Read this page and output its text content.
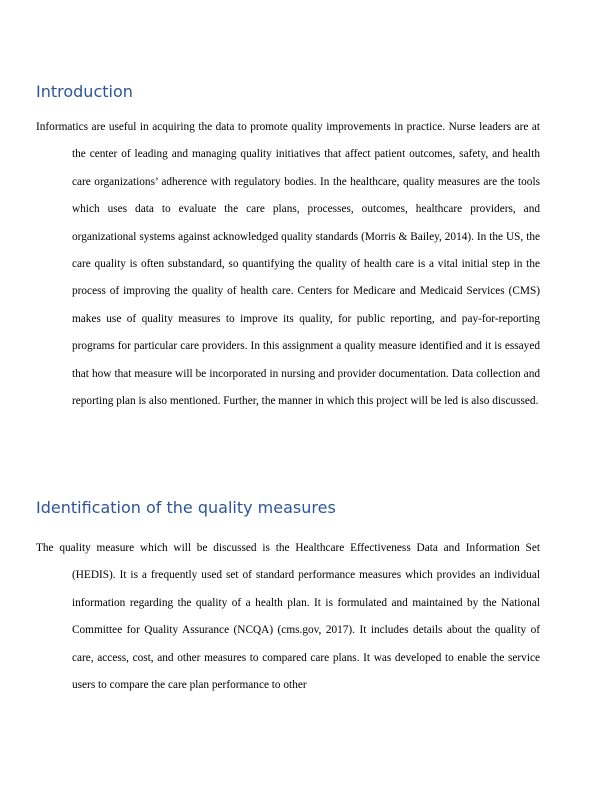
Introduction

Informatics are useful in acquiring the data to promote quality improvements in practice. Nurse leaders are at the center of leading and managing quality initiatives that affect patient outcomes, safety, and health care organizations’ adherence with regulatory bodies. In the healthcare, quality measures are the tools which uses data to evaluate the care plans, processes, outcomes, healthcare providers, and organizational systems against acknowledged quality standards (Morris & Bailey, 2014). In the US, the care quality is often substandard, so quantifying the quality of health care is a vital initial step in the process of improving the quality of health care. Centers for Medicare and Medicaid Services (CMS) makes use of quality measures to improve its quality, for public reporting, and pay-for-reporting programs for particular care providers. In this assignment a quality measure identified and it is essayed that how that measure will be incorporated in nursing and provider documentation. Data collection and reporting plan is also mentioned. Further, the manner in which this project will be led is also discussed.

Identification of the quality measures

The quality measure which will be discussed is the Healthcare Effectiveness Data and Information Set (HEDIS). It is a frequently used set of standard performance measures which provides an individual information regarding the quality of a health plan. It is formulated and maintained by the National Committee for Quality Assurance (NCQA) (cms.gov, 2017). It includes details about the quality of care, access, cost, and other measures to compared care plans. It was developed to enable the service users to compare the care plan performance to other
